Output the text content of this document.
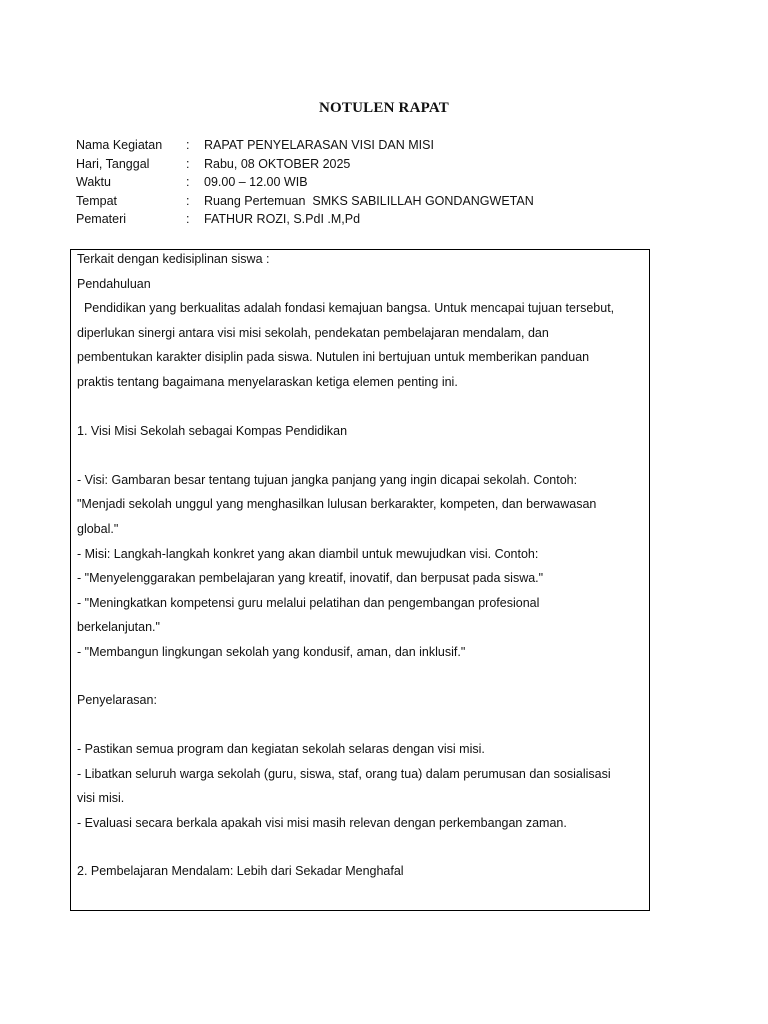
NOTULEN RAPAT
Nama Kegiatan : RAPAT PENYELARASAN VISI DAN MISI
Hari, Tanggal	: Rabu, 08 OKTOBER 2025
Waktu	: 09.00 – 12.00 WIB
Tempat	: Ruang Pertemuan  SMKS SABILILLAH GONDANGWETAN
Pemateri	: FATHUR ROZI, S.PdI .M,Pd
Terkait dengan kedisiplinan siswa :
Pendahuluan
Pendidikan yang berkualitas adalah fondasi kemajuan bangsa. Untuk mencapai tujuan tersebut,
diperlukan sinergi antara visi misi sekolah, pendekatan pembelajaran mendalam, dan
pembentukan karakter disiplin pada siswa. Nutulen ini bertujuan untuk memberikan panduan
praktis tentang bagaimana menyelaraskan ketiga elemen penting ini.
1. Visi Misi Sekolah sebagai Kompas Pendidikan
- Visi: Gambaran besar tentang tujuan jangka panjang yang ingin dicapai sekolah. Contoh:
"Menjadi sekolah unggul yang menghasilkan lulusan berkarakter, kompeten, dan berwawasan
global."
- Misi: Langkah-langkah konkret yang akan diambil untuk mewujudkan visi. Contoh:
- "Menyelenggarakan pembelajaran yang kreatif, inovatif, dan berpusat pada siswa."
- "Meningkatkan kompetensi guru melalui pelatihan dan pengembangan profesional
berkelanjutan."
- "Membangun lingkungan sekolah yang kondusif, aman, dan inklusif."
Penyelarasan:
- Pastikan semua program dan kegiatan sekolah selaras dengan visi misi.
- Libatkan seluruh warga sekolah (guru, siswa, staf, orang tua) dalam perumusan dan sosialisasi
visi misi.
- Evaluasi secara berkala apakah visi misi masih relevan dengan perkembangan zaman.
2. Pembelajaran Mendalam: Lebih dari Sekadar Menghafal
